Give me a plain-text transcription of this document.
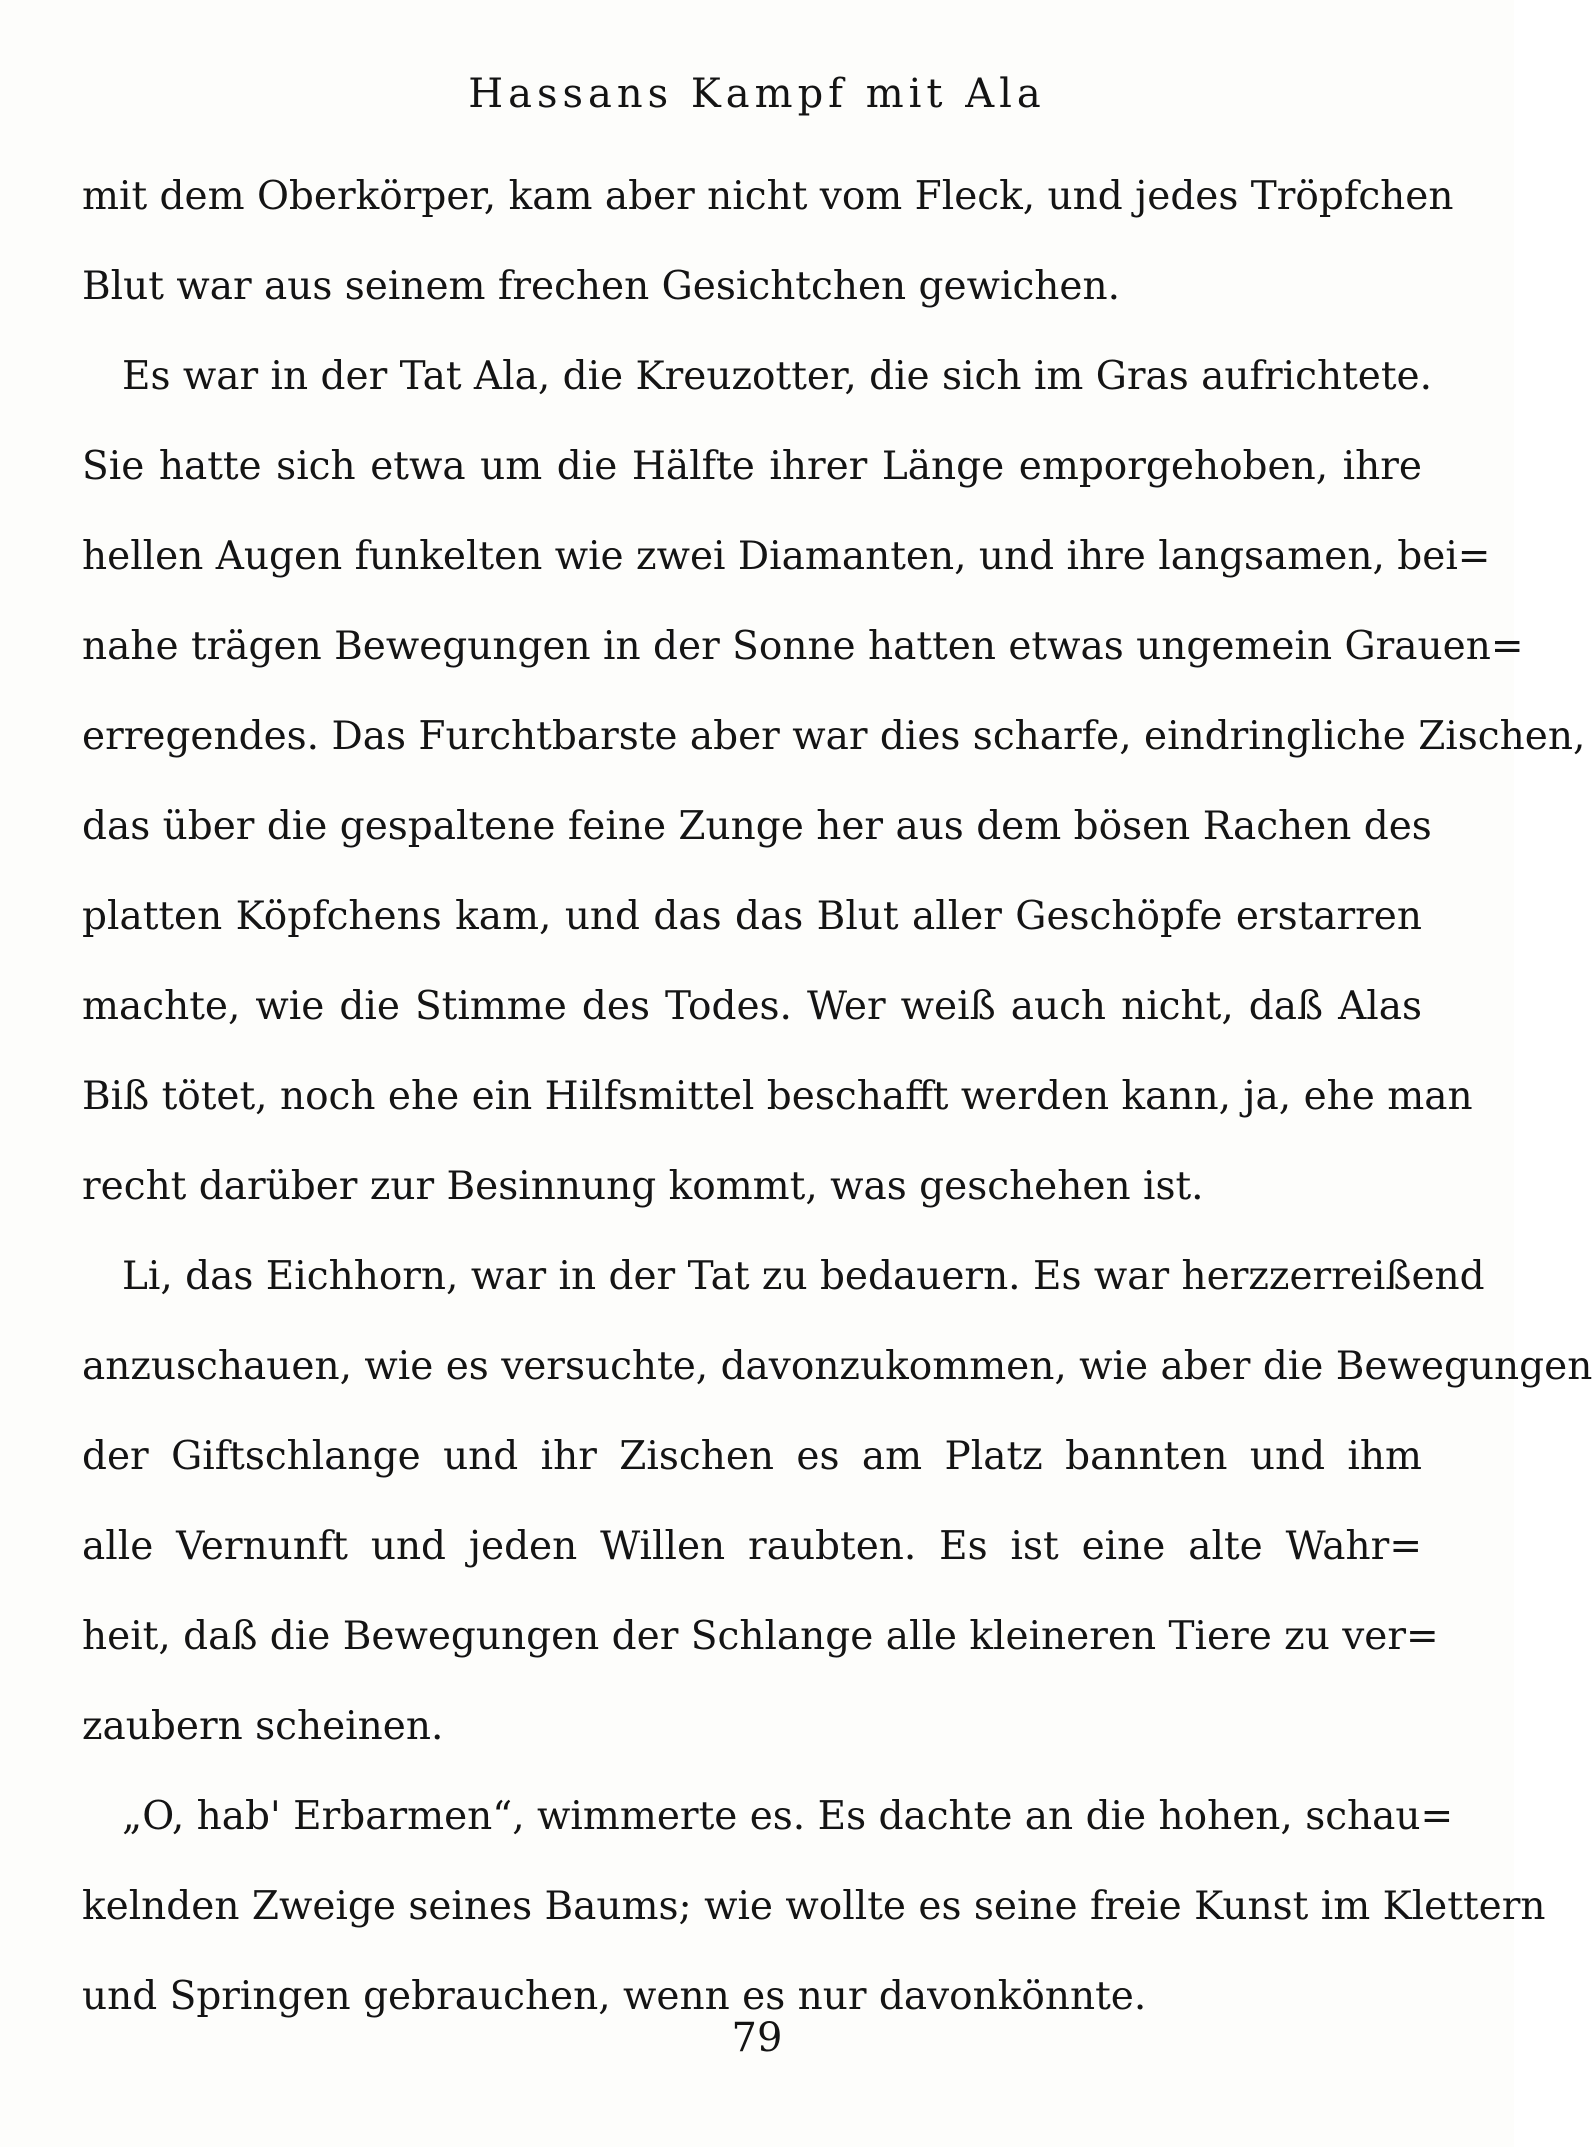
Hassans Kampf mit Ala
mit dem Oberkörper, kam aber nicht vom Fleck, und jedes Tröpfchen
Blut war aus seinem frechen Gesichtchen gewichen.
Es war in der Tat Ala, die Kreuzotter, die sich im Gras aufrichtete.
Sie hatte sich etwa um die Hälfte ihrer Länge emporgehoben, ihre
hellen Augen funkelten wie zwei Diamanten, und ihre langsamen, bei=
nahe trägen Bewegungen in der Sonne hatten etwas ungemein Grauen=
erregendes. Das Furchtbarste aber war dies scharfe, eindringliche Zischen,
das über die gespaltene feine Zunge her aus dem bösen Rachen des
platten Köpfchens kam, und das das Blut aller Geschöpfe erstarren
machte, wie die Stimme des Todes. Wer weiß auch nicht, daß Alas
Biß tötet, noch ehe ein Hilfsmittel beschafft werden kann, ja, ehe man
recht darüber zur Besinnung kommt, was geschehen ist.
Li, das Eichhorn, war in der Tat zu bedauern. Es war herzzerreißend
anzuschauen, wie es versuchte, davonzukommen, wie aber die Bewegungen
der Giftschlange und ihr Zischen es am Platz bannten und ihm
alle Vernunft und jeden Willen raubten. Es ist eine alte Wahr=
heit, daß die Bewegungen der Schlange alle kleineren Tiere zu ver=
zaubern scheinen.
„O, hab' Erbarmen“, wimmerte es. Es dachte an die hohen, schau=
kelnden Zweige seines Baums; wie wollte es seine freie Kunst im Klettern
und Springen gebrauchen, wenn es nur davonkönnte.
79
